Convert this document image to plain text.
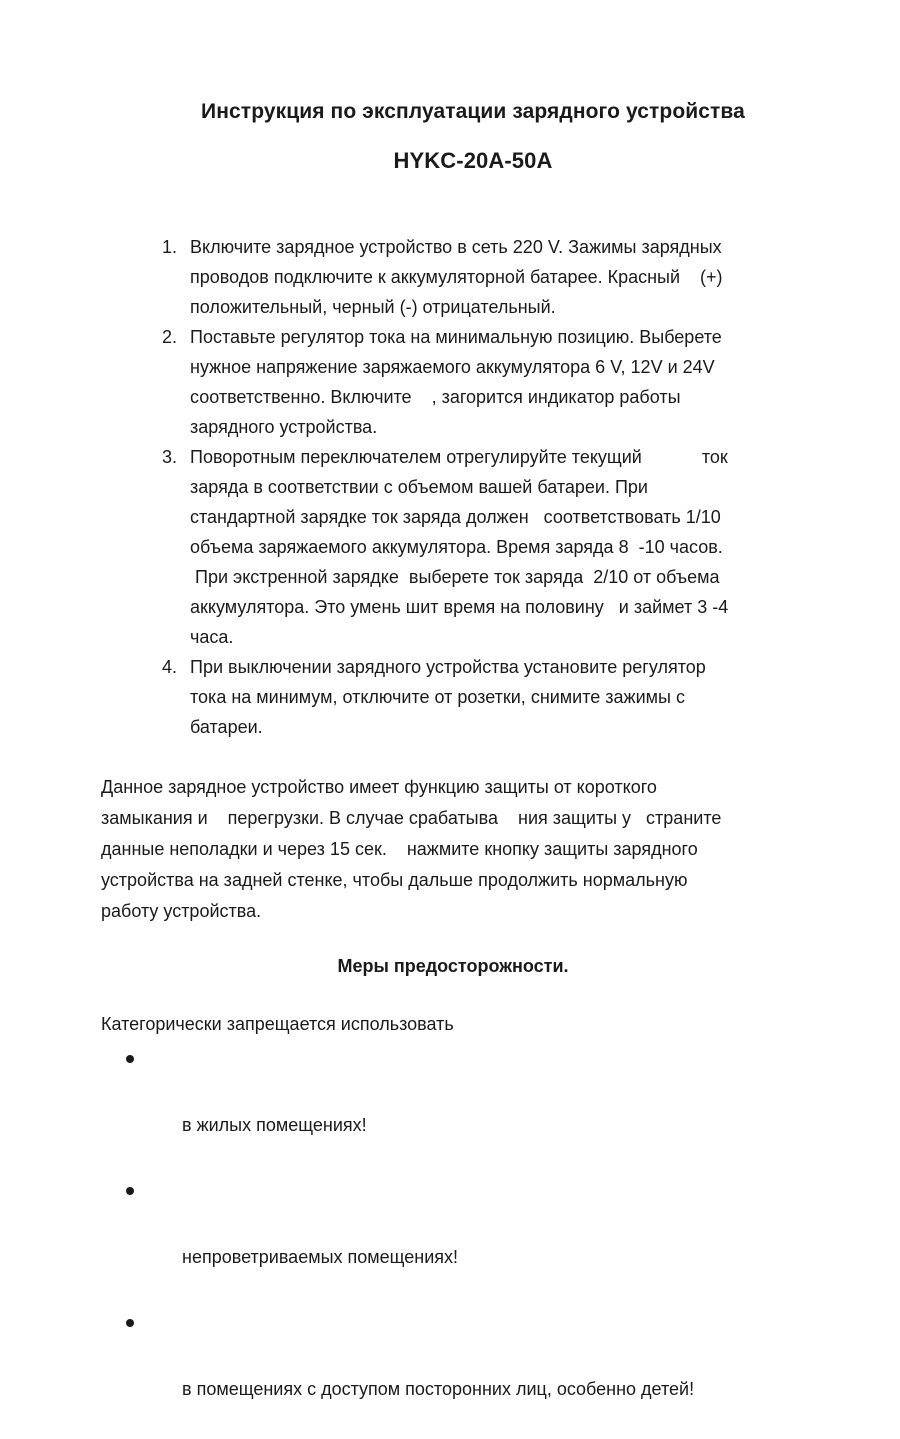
Инструкция по эксплуатации зарядного устройства
HYKC-20A-50A
1. Включите зарядное устройство в сеть 220 V. Зажимы зарядных
проводов подключите к аккумуляторной батарее. Красный    (+)
положительный, черный (-) отрицательный.
2. Поставьте регулятор тока на минимальную позицию. Выберете
нужное напряжение заряжаемого аккумулятора 6 V, 12V и 24V
соответственно. Включите    , загорится индикатор работы
зарядного устройства.
3. Поворотным переключателем отрегулируйте текущий            ток
заряда в соответствии с объемом вашей батареи. При
стандартной зарядке ток заряда должен   соответствовать 1/10
объема заряжаемого аккумулятора. Время заряда 8  -10 часов.
При экстренной зарядке  выберете ток заряда  2/10 от объема
аккумулятора. Это умень шит время на половину   и займет 3 -4
часа.
4. При выключении зарядного устройства установите регулятор
тока на минимум, отключите от розетки, снимите зажимы с
батареи.
Данное зарядное устройство имеет функцию защиты от короткого
замыкания и    перегрузки. В случае срабатыва    ния защиты у   страните
данные неполадки и через 15 сек.    нажмите кнопку защиты зарядного
устройства на задней стенке, чтобы дальше продолжить нормальную
работу устройства.
Меры предосторожности.
Категорически запрещается использовать

в жилых помещениях!

непроветриваемых помещениях!

в помещениях с доступом посторонних лиц, особенно детей!
